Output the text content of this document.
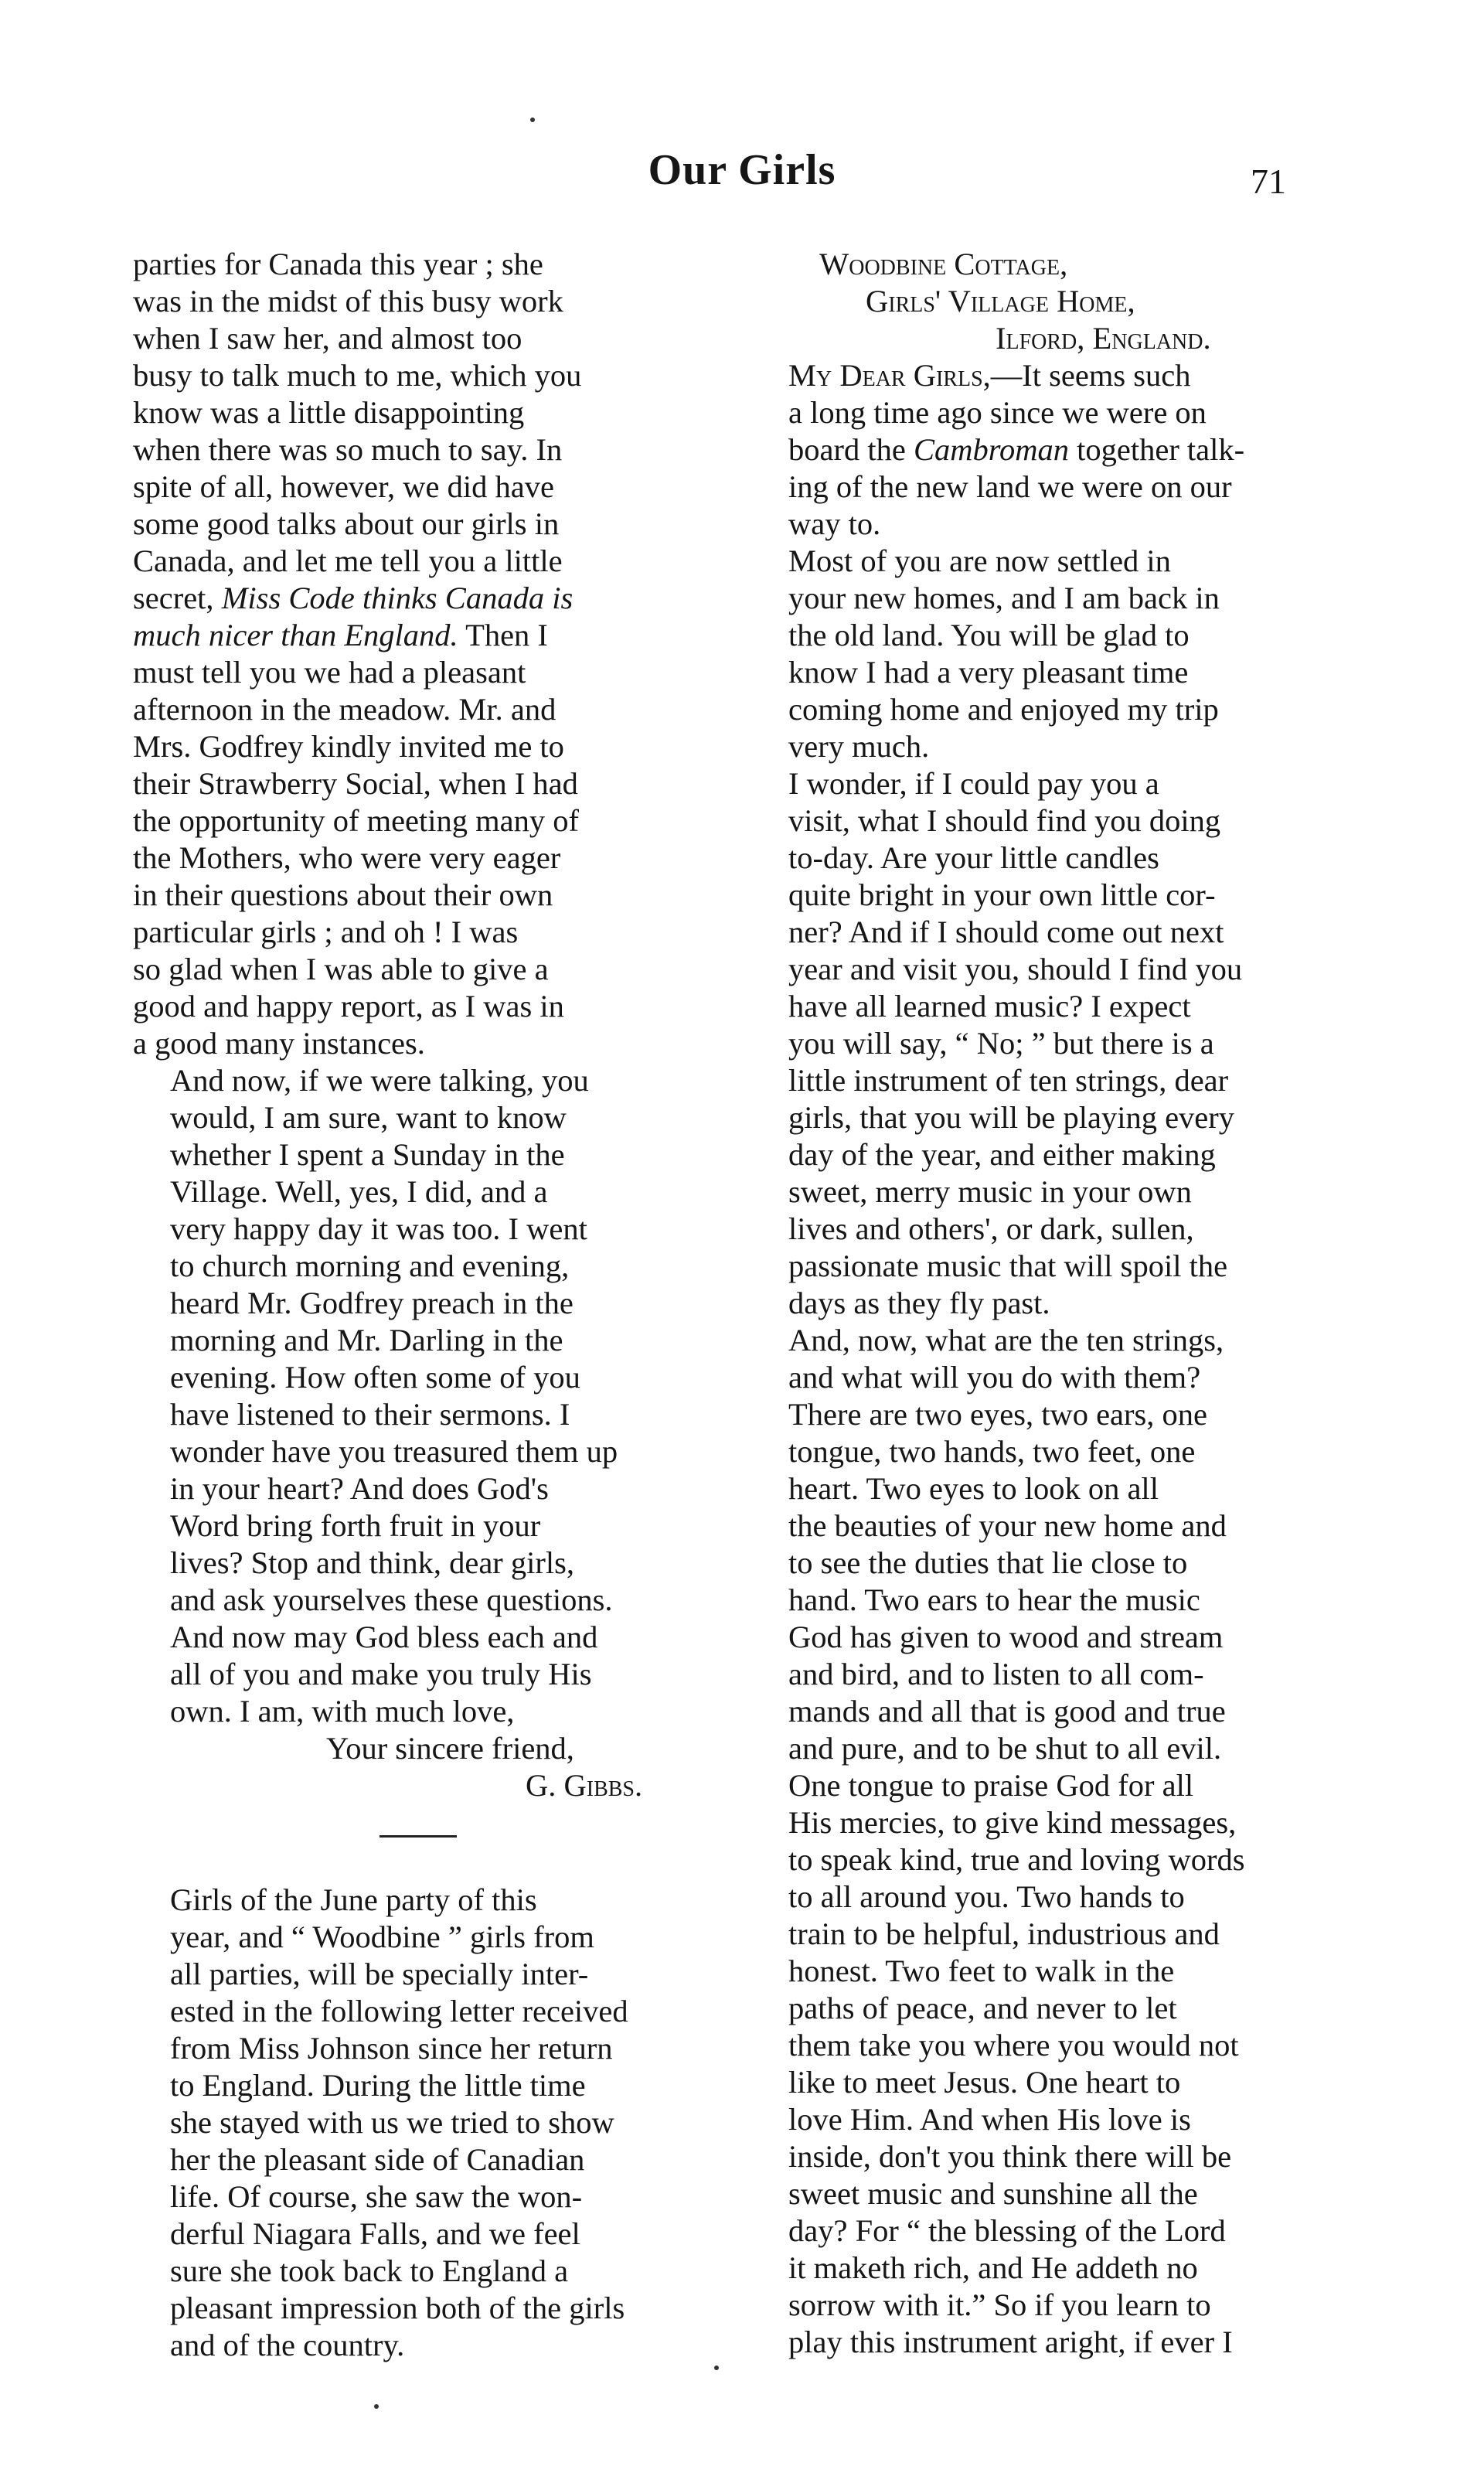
Our Girls	71

parties for Canada this year ; she
was in the midst of this busy work
when I saw her, and almost too
busy to talk much to me, which you
know was a little disappointing
when there was so much to say. In
spite of all, however, we did have
some good talks about our girls in
Canada, and let me tell you a little
secret, Miss Code thinks Canada is
much nicer than England. Then I
must tell you we had a pleasant
afternoon in the meadow. Mr. and
Mrs. Godfrey kindly invited me to
their Strawberry Social, when I had
the opportunity of meeting many of
the Mothers, who were very eager
in their questions about their own
particular girls ; and oh ! I was
so glad when I was able to give a
good and happy report, as I was in
a good many instances.

And now, if we were talking, you
would, I am sure, want to know
whether I spent a Sunday in the
Village. Well, yes, I did, and a
very happy day it was too. I went
to church morning and evening,
heard Mr. Godfrey preach in the
morning and Mr. Darling in the
evening. How often some of you
have listened to their sermons. I
wonder have you treasured them up
in your heart? And does God's
Word bring forth fruit in your
lives? Stop and think, dear girls,
and ask yourselves these questions.
And now may God bless each and
all of you and make you truly His
own. I am, with much love,

Your sincere friend,
G. Gibbs.

Girls of the June party of this
year, and “ Woodbine ” girls from
all parties, will be specially inter-
ested in the following letter received
from Miss Johnson since her return
to England. During the little time
she stayed with us we tried to show
her the pleasant side of Canadian
life. Of course, she saw the won-
derful Niagara Falls, and we feel
sure she took back to England a
pleasant impression both of the girls
and of the country.

Woodbine Cottage,
Girls' Village Home,
Ilford, England.

My Dear Girls,—It seems such
a long time ago since we were on
board the Cambroman together talk-
ing of the new land we were on our
way to.

Most of you are now settled in
your new homes, and I am back in
the old land. You will be glad to
know I had a very pleasant time
coming home and enjoyed my trip
very much.

I wonder, if I could pay you a
visit, what I should find you doing
to-day. Are your little candles
quite bright in your own little cor-
ner? And if I should come out next
year and visit you, should I find you
have all learned music? I expect
you will say, “ No; ” but there is a
little instrument of ten strings, dear
girls, that you will be playing every
day of the year, and either making
sweet, merry music in your own
lives and others', or dark, sullen,
passionate music that will spoil the
days as they fly past.

And, now, what are the ten strings,
and what will you do with them?
There are two eyes, two ears, one
tongue, two hands, two feet, one
heart. Two eyes to look on all
the beauties of your new home and
to see the duties that lie close to
hand. Two ears to hear the music
God has given to wood and stream
and bird, and to listen to all com-
mands and all that is good and true
and pure, and to be shut to all evil.
One tongue to praise God for all
His mercies, to give kind messages,
to speak kind, true and loving words
to all around you. Two hands to
train to be helpful, industrious and
honest. Two feet to walk in the
paths of peace, and never to let
them take you where you would not
like to meet Jesus. One heart to
love Him. And when His love is
inside, don't you think there will be
sweet music and sunshine all the
day? For “ the blessing of the Lord
it maketh rich, and He addeth no
sorrow with it.” So if you learn to
play this instrument aright, if ever I
